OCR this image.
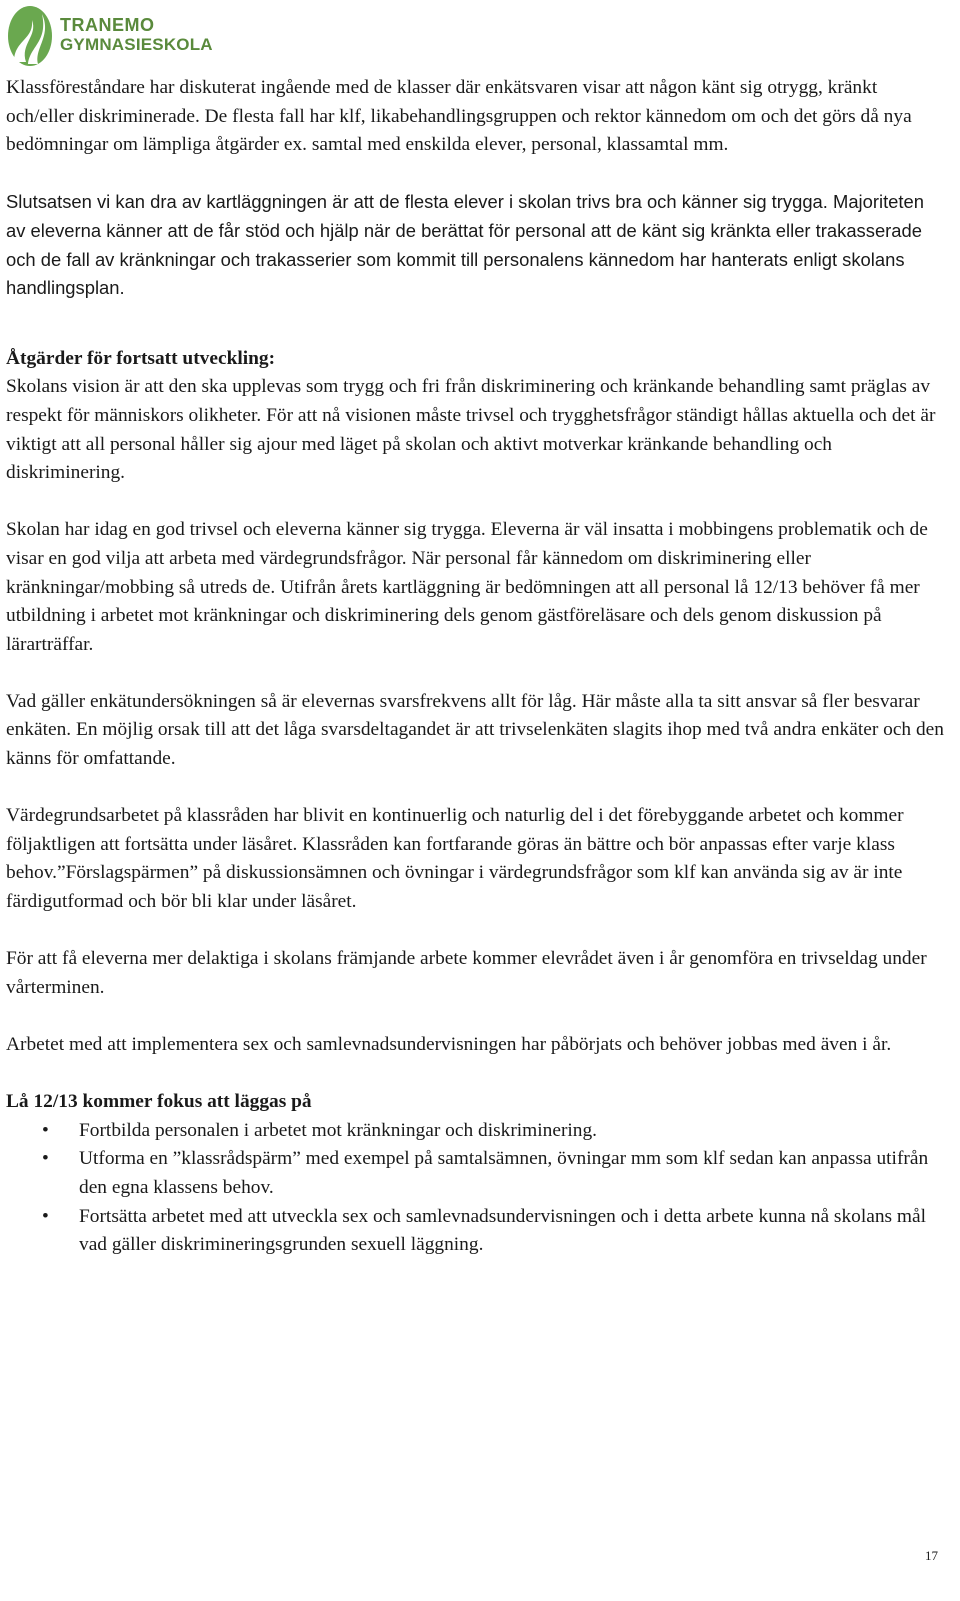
TRANEMO
GYMNASIESKOLA

Klassföreståndare har diskuterat ingående med de klasser där enkätsvaren visar att någon känt sig otrygg, kränkt och/eller diskriminerade. De flesta fall har klf, likabehandlingsgruppen och rektor kännedom om och det görs då nya bedömningar om lämpliga åtgärder ex. samtal med enskilda elever, personal, klassamtal mm.

Slutsatsen vi kan dra av kartläggningen är att de flesta elever i skolan trivs bra och känner sig trygga. Majoriteten av eleverna känner att de får stöd och hjälp när de berättat för personal att de känt sig kränkta eller trakasserade och de fall av kränkningar och trakasserier som kommit till personalens kännedom har hanterats enligt skolans handlingsplan.

Åtgärder för fortsatt utveckling:

Skolans vision är att den ska upplevas som trygg och fri från diskriminering och kränkande behandling samt präglas av respekt för människors olikheter. För att nå visionen måste trivsel och trygghetsfrågor ständigt hållas aktuella och det är viktigt att all personal håller sig ajour med läget på skolan och aktivt motverkar kränkande behandling och diskriminering.

Skolan har idag en god trivsel och eleverna känner sig trygga. Eleverna är väl insatta i mobbingens problematik och de visar en god vilja att arbeta med värdegrundsfrågor. När personal får kännedom om diskriminering eller kränkningar/mobbing så utreds de. Utifrån årets kartläggning är bedömningen att all personal lå 12/13 behöver få mer utbildning i arbetet mot kränkningar och diskriminering dels genom gästföreläsare och dels genom diskussion på lärarträffar.

Vad gäller enkätundersökningen så är elevernas svarsfrekvens allt för låg. Här måste alla ta sitt ansvar så fler besvarar enkäten. En möjlig orsak till att det låga svarsdeltagandet är att trivselenkäten slagits ihop med två andra enkäter och den känns för omfattande.

Värdegrundsarbetet på klassråden har blivit en kontinuerlig och naturlig del i det förebyggande arbetet och kommer följaktligen att fortsätta under läsåret. Klassråden kan fortfarande göras än bättre och bör anpassas efter varje klass behov.”Förslagspärmen” på diskussionsämnen och övningar i värdegrundsfrågor som klf kan använda sig av är inte färdigutformad och bör bli klar under läsåret.

För att få eleverna mer delaktiga i skolans främjande arbete kommer elevrådet även i år genomföra en trivseldag under vårterminen.

Arbetet med att implementera sex och samlevnadsundervisningen har påbörjats och behöver jobbas med även i år.

Lå 12/13 kommer fokus att läggas på

• Fortbilda personalen i arbetet mot kränkningar och diskriminering.
• Utforma en ”klassrådspärm” med exempel på samtalsämnen, övningar mm som klf sedan kan anpassa utifrån den egna klassens behov.
• Fortsätta arbetet med att utveckla sex och samlevnadsundervisningen och i detta arbete kunna nå skolans mål vad gäller diskrimineringsgrunden sexuell läggning.
17
